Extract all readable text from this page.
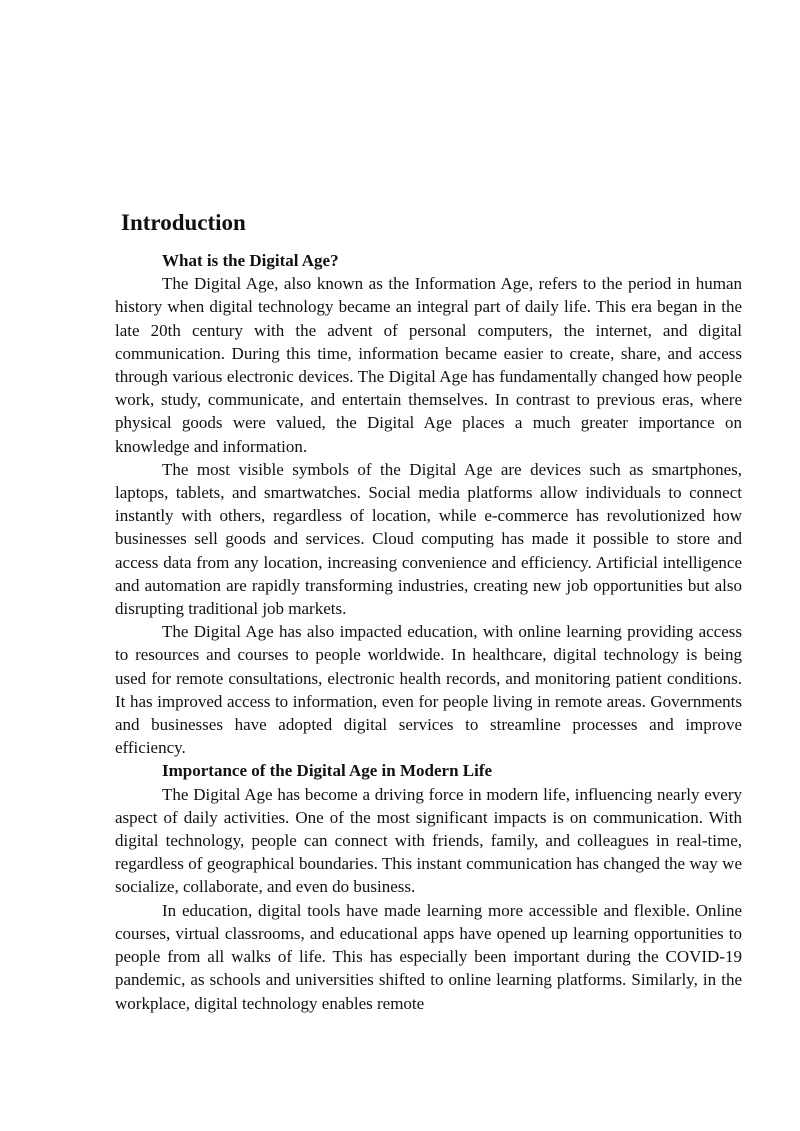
Introduction
What is the Digital Age?

The Digital Age, also known as the Information Age, refers to the period in human history when digital technology became an integral part of daily life. This era began in the late 20th century with the advent of personal computers, the internet, and digital communication. During this time, information became easier to create, share, and access through various electronic devices. The Digital Age has fundamentally changed how people work, study, communicate, and entertain themselves. In contrast to previous eras, where physical goods were valued, the Digital Age places a much greater importance on knowledge and information.

The most visible symbols of the Digital Age are devices such as smartphones, laptops, tablets, and smartwatches. Social media platforms allow individuals to connect instantly with others, regardless of location, while e-commerce has revolutionized how businesses sell goods and services. Cloud computing has made it possible to store and access data from any location, increasing convenience and efficiency. Artificial intelligence and automation are rapidly transforming industries, creating new job opportunities but also disrupting traditional job markets.

The Digital Age has also impacted education, with online learning providing access to resources and courses to people worldwide. In healthcare, digital technology is being used for remote consultations, electronic health records, and monitoring patient conditions. It has improved access to information, even for people living in remote areas. Governments and businesses have adopted digital services to streamline processes and improve efficiency.

Importance of the Digital Age in Modern Life

The Digital Age has become a driving force in modern life, influencing nearly every aspect of daily activities. One of the most significant impacts is on communication. With digital technology, people can connect with friends, family, and colleagues in real-time, regardless of geographical boundaries. This instant communication has changed the way we socialize, collaborate, and even do business.

In education, digital tools have made learning more accessible and flexible. Online courses, virtual classrooms, and educational apps have opened up learning opportunities to people from all walks of life. This has especially been important during the COVID-19 pandemic, as schools and universities shifted to online learning platforms. Similarly, in the workplace, digital technology enables remote
